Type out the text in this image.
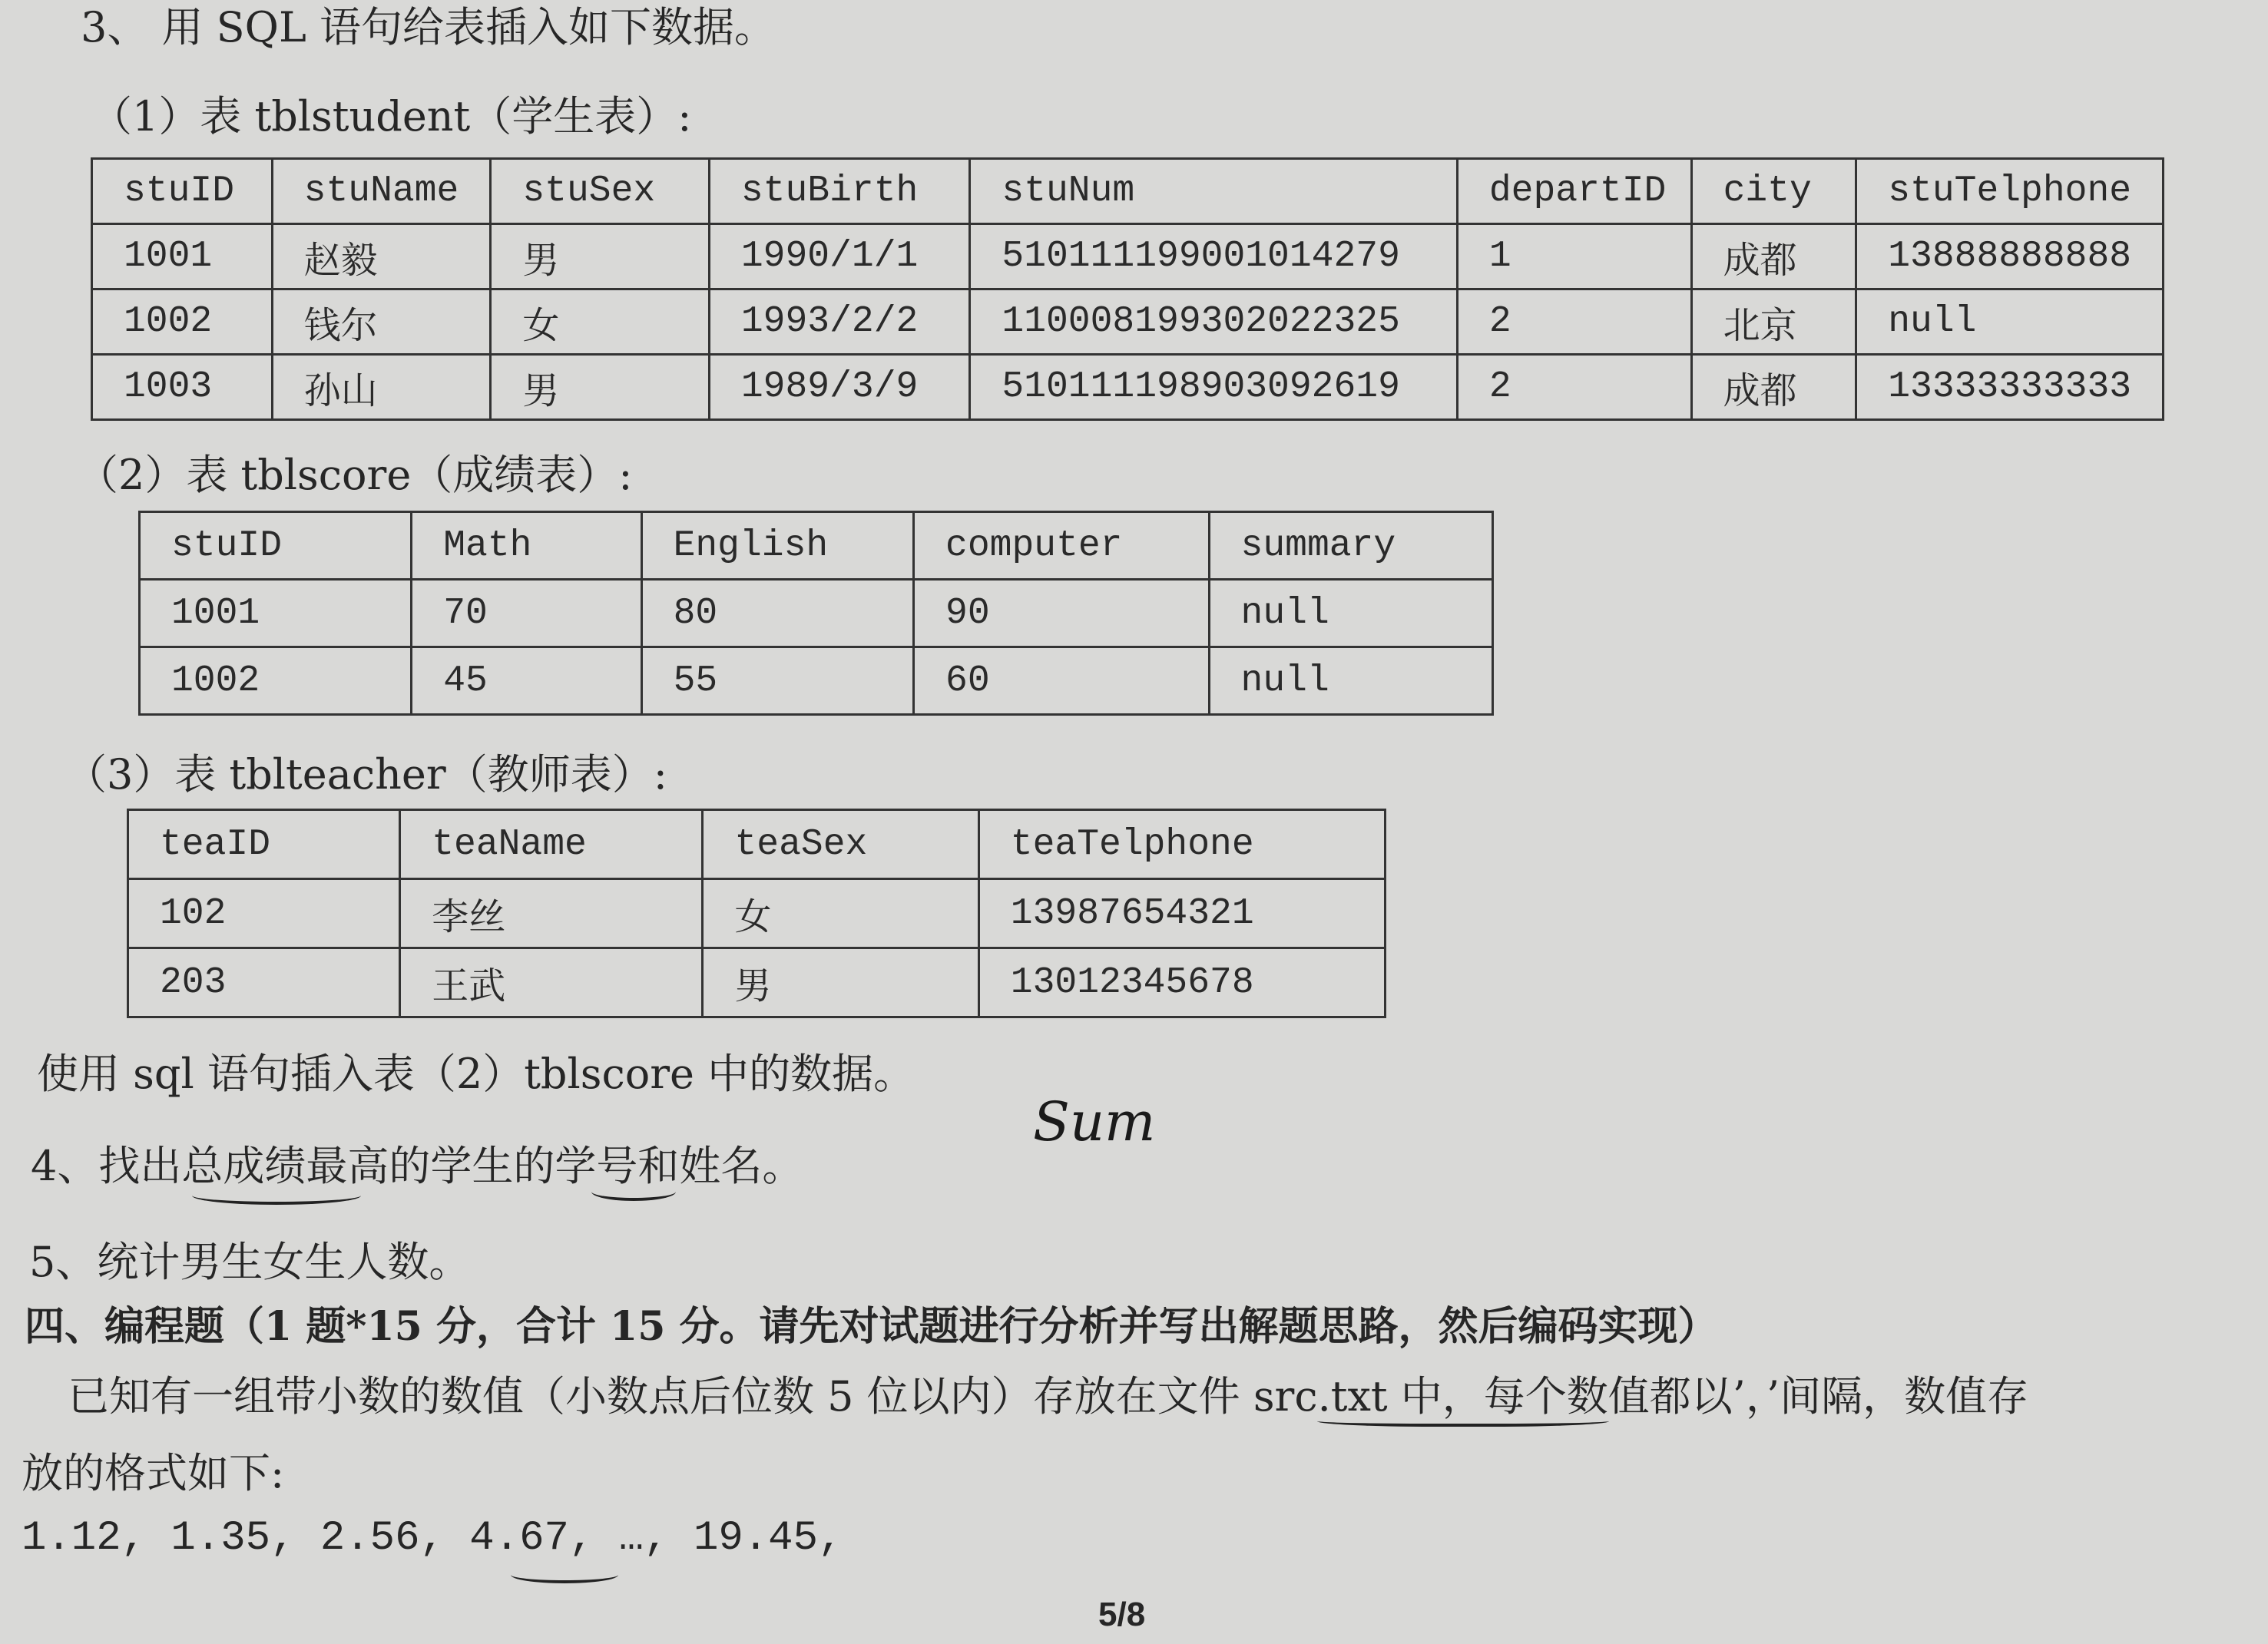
3、 用 SQL 语句给表插入如下数据。
（1）表 tblstudent（学生表）:
stuID	stuName	stuSex	stuBirth	stuNum	departID	city	stuTelphone
1001	赵毅	男	1990/1/1	510111199001014279	1	成都	13888888888
1002	钱尔	女	1993/2/2	110008199302022325	2	北京	null
1003	孙山	男	1989/3/9	510111198903092619	2	成都	13333333333
（2）表 tblscore（成绩表）:
stuID	Math	English	computer	summary
1001	70	80	90	null
1002	45	55	60	null
（3）表 tblteacher（教师表）:
teaID	teaName	teaSex	teaTelphone
102	李丝	女	13987654321
203	王武	男	13012345678
使用 sql 语句插入表（2）tblscore 中的数据。
Sum
4、找出总成绩最高的学生的学号和姓名。
5、统计男生女生人数。
四、编程题（1 题*15 分，合计 15 分。请先对试题进行分析并写出解题思路，然后编码实现）
已知有一组带小数的数值（小数点后位数 5 位以内）存放在文件 src.txt 中，每个数值都以’，’间隔，数值存
放的格式如下:
1.12, 1.35, 2.56, 4.67, …, 19.45,
5/8
